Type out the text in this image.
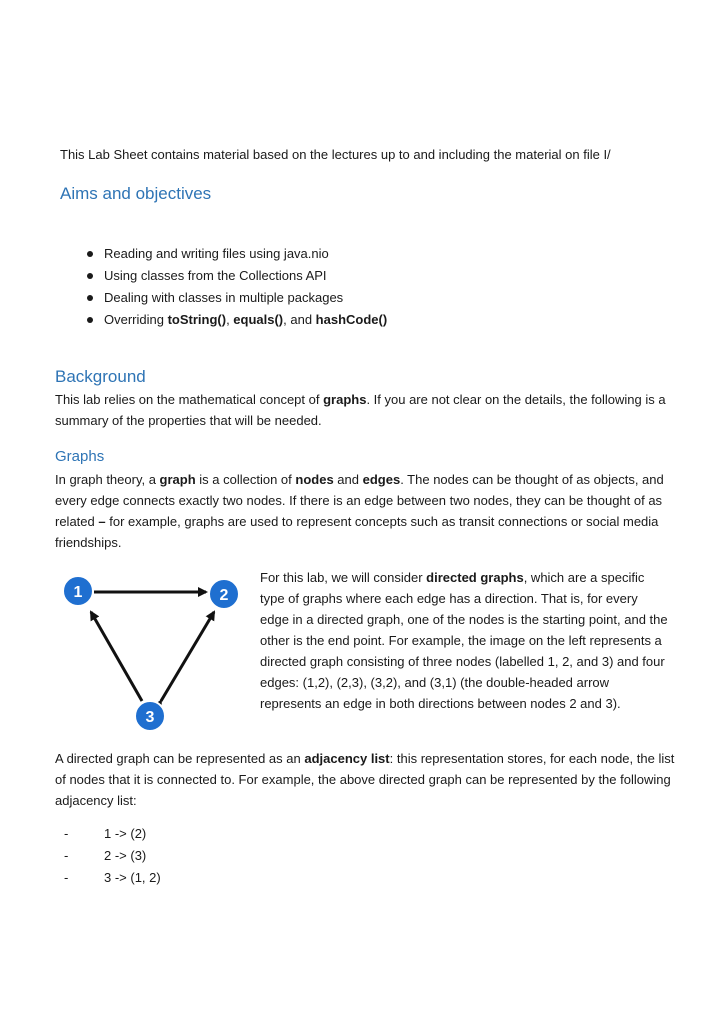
This Lab Sheet contains material based on the lectures up to and including the material on file I/
Aims and objectives
Reading and writing files using java.nio
Using classes from the Collections API
Dealing with classes in multiple packages
Overriding toString(), equals(), and hashCode()
Background
This lab relies on the mathematical concept of graphs. If you are not clear on the details, the following is a summary of the properties that will be needed.
Graphs
In graph theory, a graph is a collection of nodes and edges. The nodes can be thought of as objects, and every edge connects exactly two nodes. If there is an edge between two nodes, they can be thought of as related – for example, graphs are used to represent concepts such as transit connections or social media friendships.
1	2
3
For this lab, we will consider directed graphs, which are a specific type of graphs where each edge has a direction. That is, for every edge in a directed graph, one of the nodes is the starting point, and the other is the end point. For example, the image on the left represents a directed graph consisting of three nodes (labelled 1, 2, and 3) and four edges: (1,2), (2,3), (3,2), and (3,1) (the double-headed arrow represents an edge in both directions between nodes 2 and 3).
A directed graph can be represented as an adjacency list: this representation stores, for each node, the list of nodes that it is connected to. For example, the above directed graph can be represented by the following adjacency list:
- 1 -> (2)
- 2 -> (3)
- 3 -> (1, 2)
